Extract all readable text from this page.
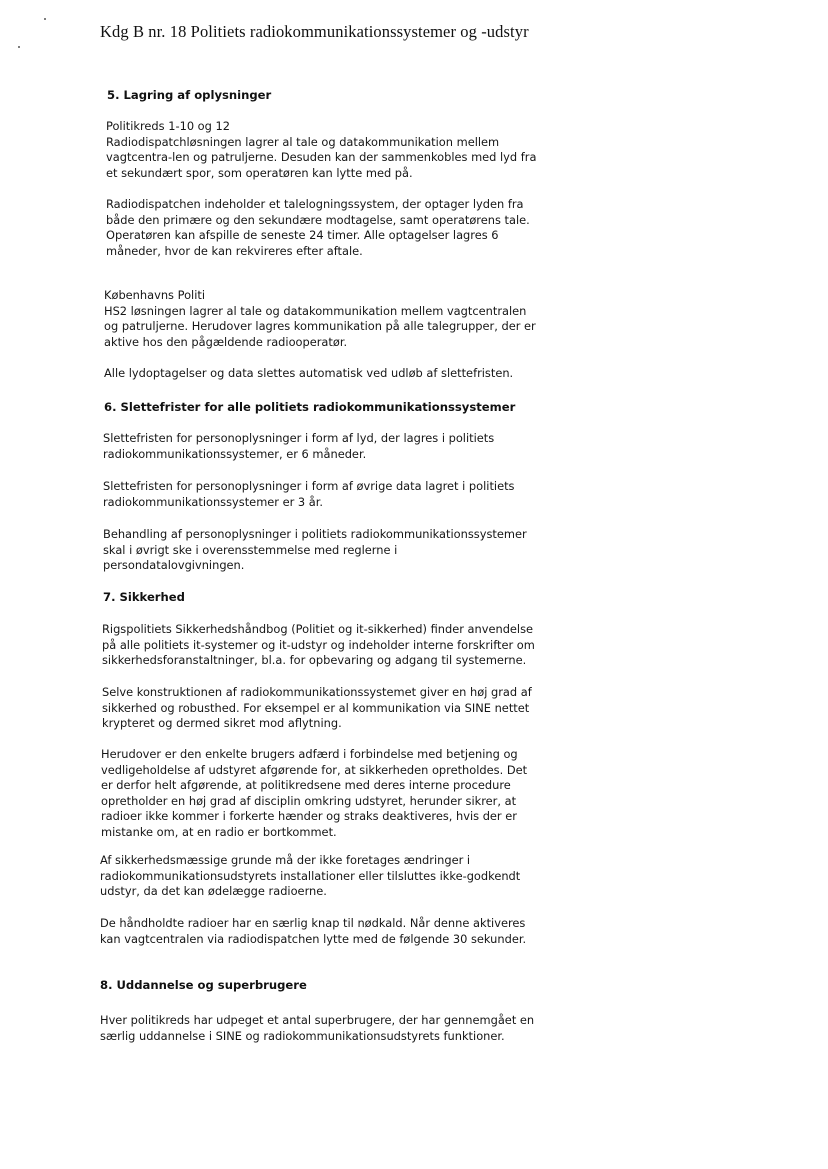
Kdg B nr. 18 Politiets radiokommunikationssystemer og -udstyr
5. Lagring af oplysninger
Politikreds 1-10 og 12
Radiodispatchløsningen lagrer al tale og datakommunikation mellem
vagtcentra-len og patruljerne. Desuden kan der sammenkobles med lyd fra
et sekundært spor, som operatøren kan lytte med på.
Radiodispatchen indeholder et talelogningssystem, der optager lyden fra
både den primære og den sekundære modtagelse, samt operatørens tale.
Operatøren kan afspille de seneste 24 timer. Alle optagelser lagres 6
måneder, hvor de kan rekvireres efter aftale.
Københavns Politi
HS2 løsningen lagrer al tale og datakommunikation mellem vagtcentralen
og patruljerne. Herudover lagres kommunikation på alle talegrupper, der er
aktive hos den pågældende radiooperatør.
Alle lydoptagelser og data slettes automatisk ved udløb af slettefristen.
6. Slettefrister for alle politiets radiokommunikationssystemer
Slettefristen for personoplysninger i form af lyd, der lagres i politiets
radiokommunikationssystemer, er 6 måneder.
Slettefristen for personoplysninger i form af øvrige data lagret i politiets
radiokommunikationssystemer er 3 år.
Behandling af personoplysninger i politiets radiokommunikationssystemer
skal i øvrigt ske i overensstemmelse med reglerne i
persondatalovgivningen.
7. Sikkerhed
Rigspolitiets Sikkerhedshåndbog (Politiet og it-sikkerhed) finder anvendelse
på alle politiets it-systemer og it-udstyr og indeholder interne forskrifter om
sikkerhedsforanstaltninger, bl.a. for opbevaring og adgang til systemerne.
Selve konstruktionen af radiokommunikationssystemet giver en høj grad af
sikkerhed og robusthed. For eksempel er al kommunikation via SINE nettet
krypteret og dermed sikret mod aflytning.
Herudover er den enkelte brugers adfærd i forbindelse med betjening og
vedligeholdelse af udstyret afgørende for, at sikkerheden opretholdes. Det
er derfor helt afgørende, at politikredsene med deres interne procedure
opretholder en høj grad af disciplin omkring udstyret, herunder sikrer, at
radioer ikke kommer i forkerte hænder og straks deaktiveres, hvis der er
mistanke om, at en radio er bortkommet.
Af sikkerhedsmæssige grunde må der ikke foretages ændringer i
radiokommunikationsudstyrets installationer eller tilsluttes ikke-godkendt
udstyr, da det kan ødelægge radioerne.
De håndholdte radioer har en særlig knap til nødkald. Når denne aktiveres
kan vagtcentralen via radiodispatchen lytte med de følgende 30 sekunder.
8. Uddannelse og superbrugere
Hver politikreds har udpeget et antal superbrugere, der har gennemgået en
særlig uddannelse i SINE og radiokommunikationsudstyrets funktioner.
